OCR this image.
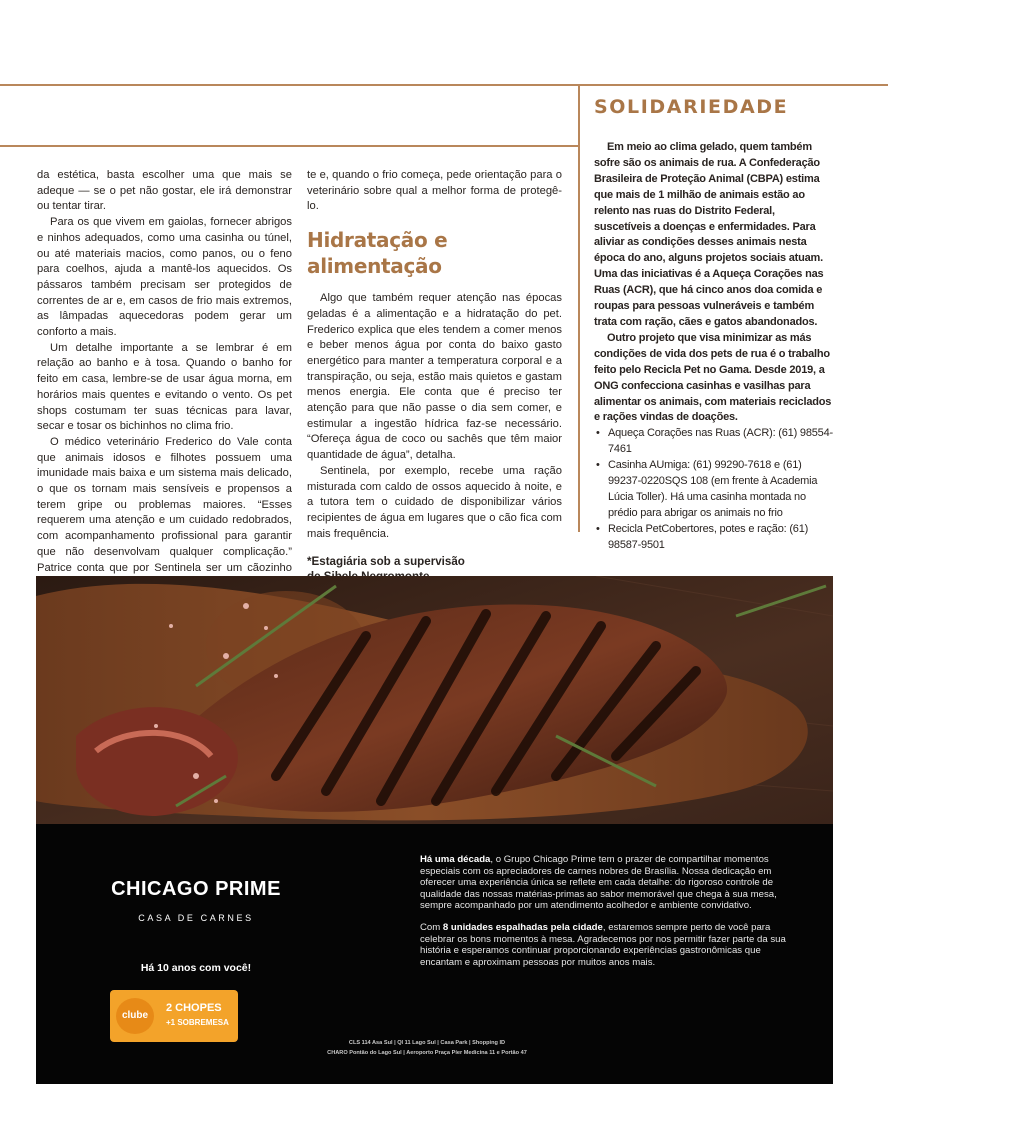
da estética, basta escolher uma que mais se adeque — se o pet não gostar, ele irá demonstrar ou tentar tirar.

Para os que vivem em gaiolas, fornecer abrigos e ninhos adequados, como uma casinha ou túnel, ou até materiais macios, como panos, ou o feno para coelhos, ajuda a mantê-los aquecidos. Os pássaros também precisam ser protegidos de correntes de ar e, em casos de frio mais extremos, as lâmpadas aquecedoras podem gerar um conforto a mais.

Um detalhe importante a se lembrar é em relação ao banho e à tosa. Quando o banho for feito em casa, lembre-se de usar água morna, em horários mais quentes e evitando o vento. Os pet shops costumam ter suas técnicas para lavar, secar e tosar os bichinhos no clima frio.

O médico veterinário Frederico do Vale conta que animais idosos e filhotes possuem uma imunidade mais baixa e um sistema mais delicado, o que os tornam mais sensíveis e propensos a terem gripe ou problemas maiores. “Esses requerem uma atenção e um cuidado redobrados, com acompanhamento profissional para garantir que não desenvolvam qualquer complicação.” Patrice conta que por Sentinela ser um cãozinho

te e, quando o frio começa, pede orientação para o veterinário sobre qual a melhor forma de protegê-lo.

Hidratação e alimentação

Algo que também requer atenção nas épocas geladas é a alimentação e a hidratação do pet. Frederico explica que eles tendem a comer menos e beber menos água por conta do baixo gasto energético para manter a temperatura corporal e a transpiração, ou seja, estão mais quietos e gastam menos energia. Ele conta que é preciso ter atenção para que não passe o dia sem comer, e estimular a ingestão hídrica faz-se necessário. “Ofereça água de coco ou sachês que têm maior quantidade de água”, detalha.

Sentinela, por exemplo, recebe uma ração misturada com caldo de ossos aquecido à noite, e a tutora tem o cuidado de disponibilizar vários recipientes de água em lugares que o cão fica com mais frequência.

*Estagiária sob a supervisão
SOLIDARIEDADE

Em meio ao clima gelado, quem também sofre são os animais de rua. A Confederação Brasileira de Proteção Animal (CBPA) estima que mais de 1 milhão de animais estão ao relento nas ruas do Distrito Federal, suscetíveis a doenças e enfermidades. Para aliviar as condições desses animais nesta época do ano, alguns projetos sociais atuam. Uma das iniciativas é a Aqueça Corações nas Ruas (ACR), que há cinco anos doa comida e roupas para pessoas vulneráveis e também trata com ração, cães e gatos abandonados.

Outro projeto que visa minimizar as más condições de vida dos pets de rua é o trabalho feito pelo Recicla Pet no Gama. Desde 2019, a ONG confecciona casinhas e vasilhas para alimentar os animais, com materiais reciclados e rações vindas de doações.

• Aqueça Corações nas Ruas (ACR): (61) 98554-7461
• Casinha AUmiga: (61) 99290-7618 e (61) 99237-0220SQS 108 (em frente à Academia Lúcia Toller). Há uma casinha montada no prédio para abrigar os animais no frio
• Recicla PetCobertores, potes e ração: (61) 98587-9501
CHICAGO PRIME
CASA DE CARNES
Há 10 anos com você!
clube
2 CHOPES
+1 SOBREMESA

Há uma década, o Grupo Chicago Prime tem o prazer de compartilhar momentos especiais com os apreciadores de carnes nobres de Brasília. Nossa dedicação em oferecer uma experiência única se reflete em cada detalhe: do rigoroso controle de qualidade das nossas matérias-primas ao sabor memorável que chega à sua mesa, sempre acompanhado por um atendimento acolhedor e ambiente convidativo.

Com 8 unidades espalhadas pela cidade, estaremos sempre perto de você para celebrar os bons momentos à mesa. Agradecemos por nos permitir fazer parte da sua história e esperamos continuar proporcionando experiências gastronômicas que encantam e aproximam pessoas por muitos anos mais.

CLS 114 Asa Sul | QI 11 Lago Sul | Casa Park | Shopping ID
CHARO Pontão do Lago Sul | Aeroporto Praça Píer Medicina 11 e Portão 47
